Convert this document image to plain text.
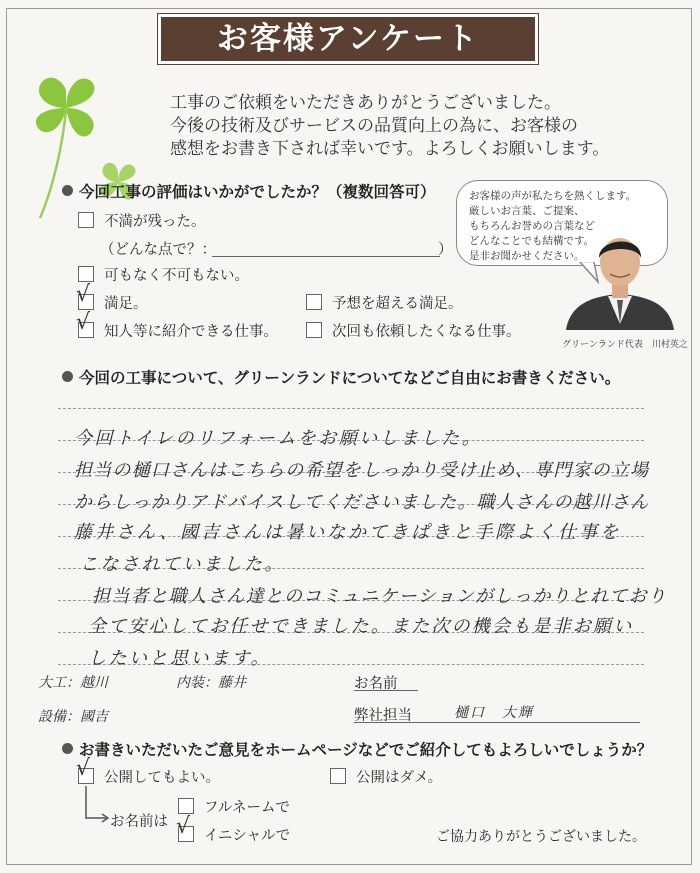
お客様アンケート
工事のご依頼をいただきありがとうございました。
今後の技術及びサービスの品質向上の為に、お客様の
感想をお書き下されば幸いです。よろしくお願いします。
今回工事の評価はいかがでしたか？（複数回答可）
不満が残った。
（どんな点で？：	）
可もなく不可もない。
√ 満足。
√ 知人等に紹介できる仕事。
予想を超える満足。
次回も依頼したくなる仕事。
お客様の声が私たちを熱くします。
厳しいお言葉、ご提案、
もちろんお誉めの言葉など
どんなことでも結構です。
是非お聞かせください。
グリーンランド代表　川村英之
今回の工事について、グリーンランドについてなどご自由にお書きください。
今回トイレのリフォームをお願いしました。
担当の樋口さんはこちらの希望をしっかり受け止め、専門家の立場
からしっかりアドバイスしてくださいました。職人さんの越川さん
藤井さん、國吉さんは暑いなかてきぱきと手際よく仕事を
こなされていました。
担当者と職人さん達とのコミュニケーションがしっかりとれており
全て安心してお任せできました。また次の機会も是非お願い
したいと思います。
大工：越川	内装：藤井
設備：國吉
お名前
弊社担当	樋口　大輝
お書きいただいたご意見をホームページなどでご紹介してもよろしいでしょうか？
√ 公開してもよい。	公開はダメ。
お名前は
フルネームで
√ イニシャルで	ご協力ありがとうございました。
